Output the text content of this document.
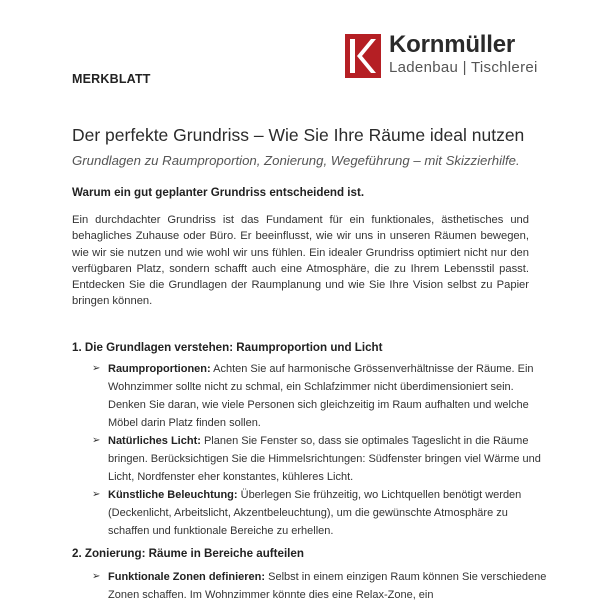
Kornmüller
Ladenbau | Tischlerei
MERKBLATT
Der perfekte Grundriss – Wie Sie Ihre Räume ideal nutzen
Grundlagen zu Raumproportion, Zonierung, Wegeführung – mit Skizzierhilfe.
Warum ein gut geplanter Grundriss entscheidend ist.

Ein durchdachter Grundriss ist das Fundament für ein funktionales, ästhetisches und behagliches Zuhause oder Büro. Er beeinflusst, wie wir uns in unseren Räumen bewegen, wie wir sie nutzen und wie wohl wir uns fühlen. Ein idealer Grundriss optimiert nicht nur den verfügbaren Platz, sondern schafft auch eine Atmosphäre, die zu Ihrem Lebensstil passt. Entdecken Sie die Grundlagen der Raumplanung und wie Sie Ihre Vision selbst zu Papier bringen können.

1. Die Grundlagen verstehen: Raumproportion und Licht
➢ Raumproportionen: Achten Sie auf harmonische Grössenverhältnisse der Räume. Ein Wohnzimmer sollte nicht zu schmal, ein Schlafzimmer nicht überdimensioniert sein. Denken Sie daran, wie viele Personen sich gleichzeitig im Raum aufhalten und welche Möbel darin Platz finden sollen.
➢ Natürliches Licht: Planen Sie Fenster so, dass sie optimales Tageslicht in die Räume bringen. Berücksichtigen Sie die Himmelsrichtungen: Südfenster bringen viel Wärme und Licht, Nordfenster eher konstantes, kühleres Licht.
➢ Künstliche Beleuchtung: Überlegen Sie frühzeitig, wo Lichtquellen benötigt werden (Deckenlicht, Arbeitslicht, Akzentbeleuchtung), um die gewünschte Atmosphäre zu schaffen und funktionale Bereiche zu erhellen.
2. Zonierung: Räume in Bereiche aufteilen
➢ Funktionale Zonen definieren: Selbst in einem einzigen Raum können Sie verschiedene Zonen schaffen. Im Wohnzimmer könnte dies eine Relax-Zone, ein
